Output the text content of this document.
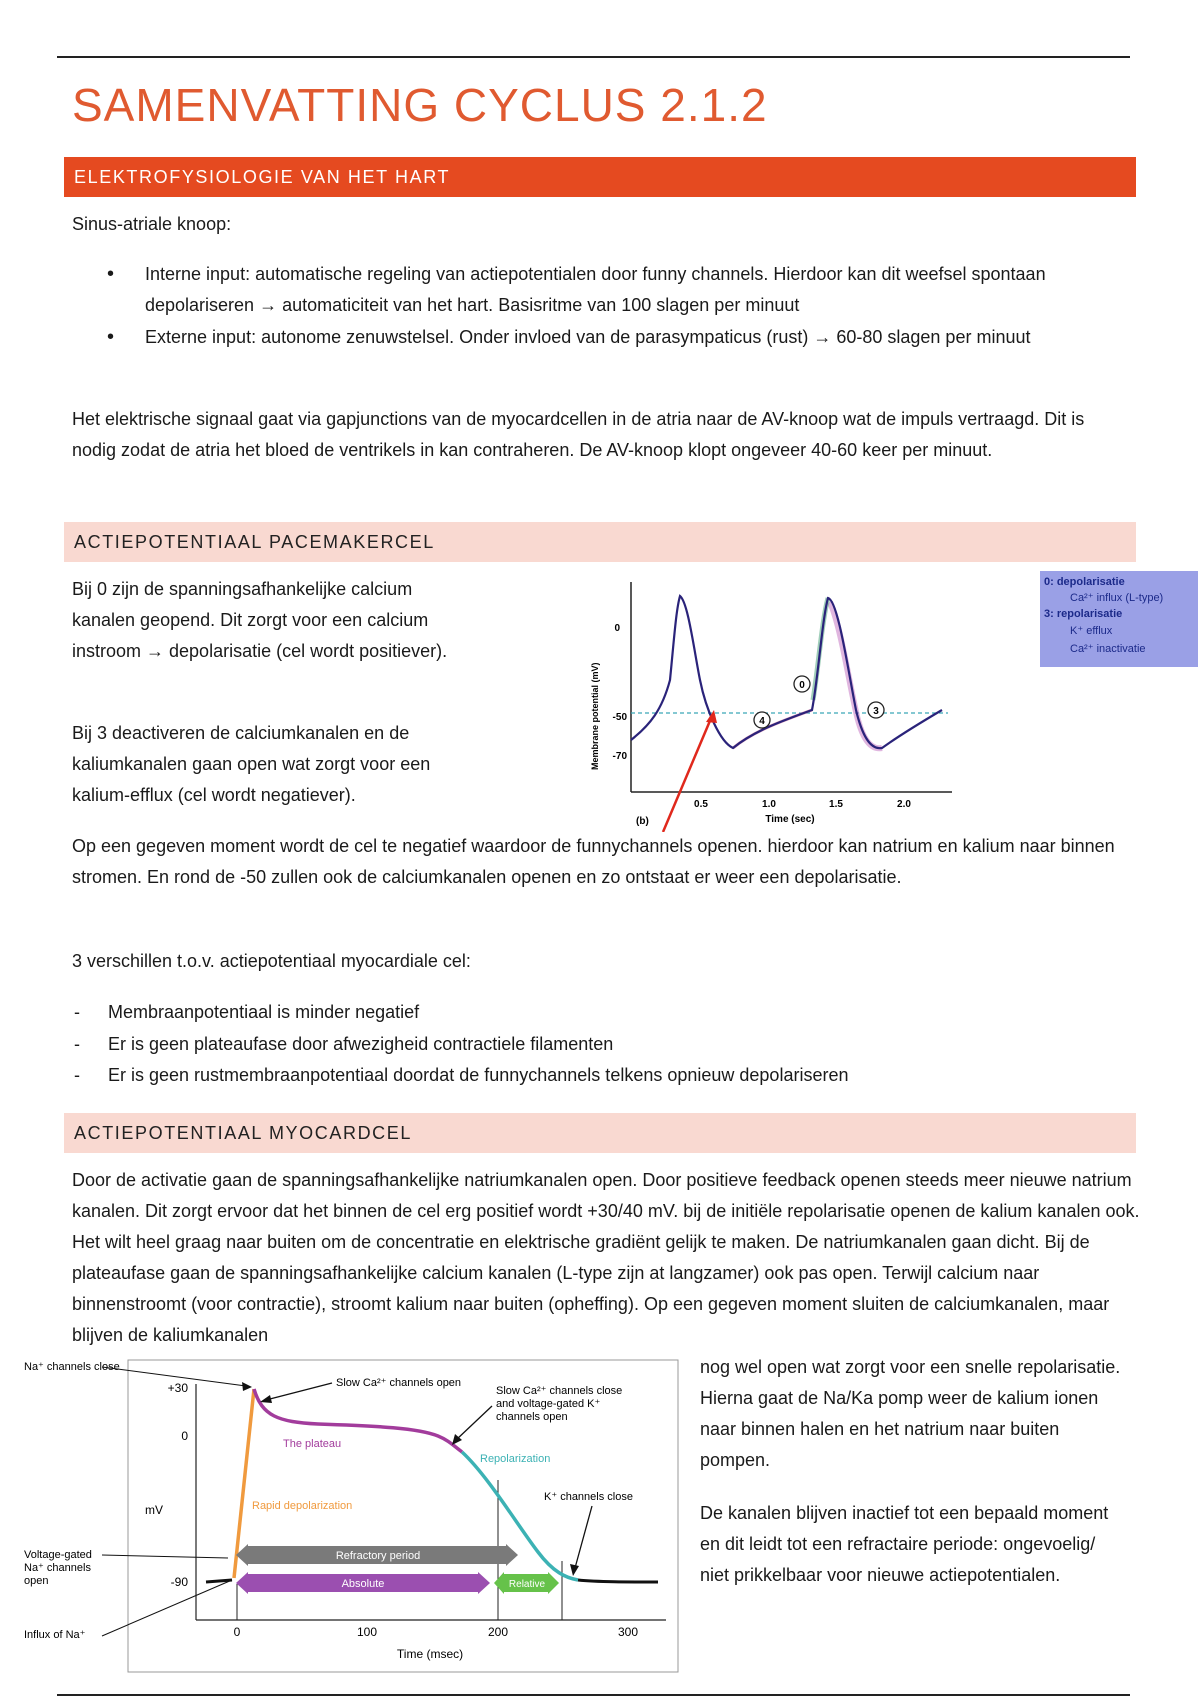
SAMENVATTING CYCLUS 2.1.2
ELEKTROFYSIOLOGIE VAN HET HART

Sinus-atriale knoop:

• Interne input: automatische regeling van actiepotentialen door funny channels. Hierdoor kan dit weefsel spontaan depolariseren → automaticiteit van het hart. Basisritme van 100 slagen per minuut
• Externe input: autonome zenuwstelsel. Onder invloed van de parasympaticus (rust) → 60-80 slagen per minuut

Het elektrische signaal gaat via gapjunctions van de myocardcellen in de atria naar de AV-knoop wat de impuls vertraagd. Dit is nodig zodat de atria het bloed de ventrikels in kan contraheren. De AV-knoop klopt ongeveer 40-60 keer per minuut.

ACTIEPOTENTIAAL PACEMAKERCEL

Bij 0 zijn de spanningsafhankelijke calcium kanalen geopend. Dit zorgt voor een calcium instroom → depolarisatie (cel wordt positiever).

Bij 3 deactiveren de calciumkanalen en de kaliumkanalen gaan open wat zorgt voor een kalium-efflux (cel wordt negatiever).

Membrane potential (mV)
0
-50
-70
0.5	1.0	1.5	2.0
Time (sec)
(b)
0
4
3
0: depolarisatie
Ca²⁺ influx (L-type)
3: repolarisatie
K⁺ efflux
Ca²⁺ inactivatie

Op een gegeven moment wordt de cel te negatief waardoor de funnychannels openen. hierdoor kan natrium en kalium naar binnen stromen. En rond de -50 zullen ook de calciumkanalen openen en zo ontstaat er weer een depolarisatie.

3 verschillen t.o.v. actiepotentiaal myocardiale cel:

- Membraanpotentiaal is minder negatief
- Er is geen plateaufase door afwezigheid contractiele filamenten
- Er is geen rustmembraanpotentiaal doordat de funnychannels telkens opnieuw depolariseren
ACTIEPOTENTIAAL MYOCARDCEL

Door de activatie gaan de spanningsafhankelijke natriumkanalen open. Door positieve feedback openen steeds meer nieuwe natrium kanalen. Dit zorgt ervoor dat het binnen de cel erg positief wordt +30/40 mV. bij de initiële repolarisatie openen de kalium kanalen ook. Het wilt heel graag naar buiten om de concentratie en elektrische gradiënt gelijk te maken. De natriumkanalen gaan dicht. Bij de plateaufase gaan de spanningsafhankelijke calcium kanalen (L-type zijn at langzamer) ook pas open. Terwijl calcium naar binnenstroomt (voor contractie), stroomt kalium naar buiten (opheffing). Op een gegeven moment sluiten de calciumkanalen, maar blijven de kaliumkanalen

nog wel open wat zorgt voor een snelle repolarisatie. Hierna gaat de Na/Ka pomp weer de kalium ionen naar binnen halen en het natrium naar buiten pompen.

De kanalen blijven inactief tot een bepaald moment en dit leidt tot een refractaire periode: ongevoelig/ niet prikkelbaar voor nieuwe actiepotentialen.

+30
0
-90
mV
0	100	200	300
Time (msec)
Rapid depolarization
The plateau
Repolarization
Na⁺ channels close
Slow Ca²⁺ channels open
Slow Ca²⁺ channels close
and voltage-gated K⁺
channels open
K⁺ channels close
Voltage-gated
Na⁺ channels
open
Influx of Na⁺
Refractory period
Absolute	Relative
